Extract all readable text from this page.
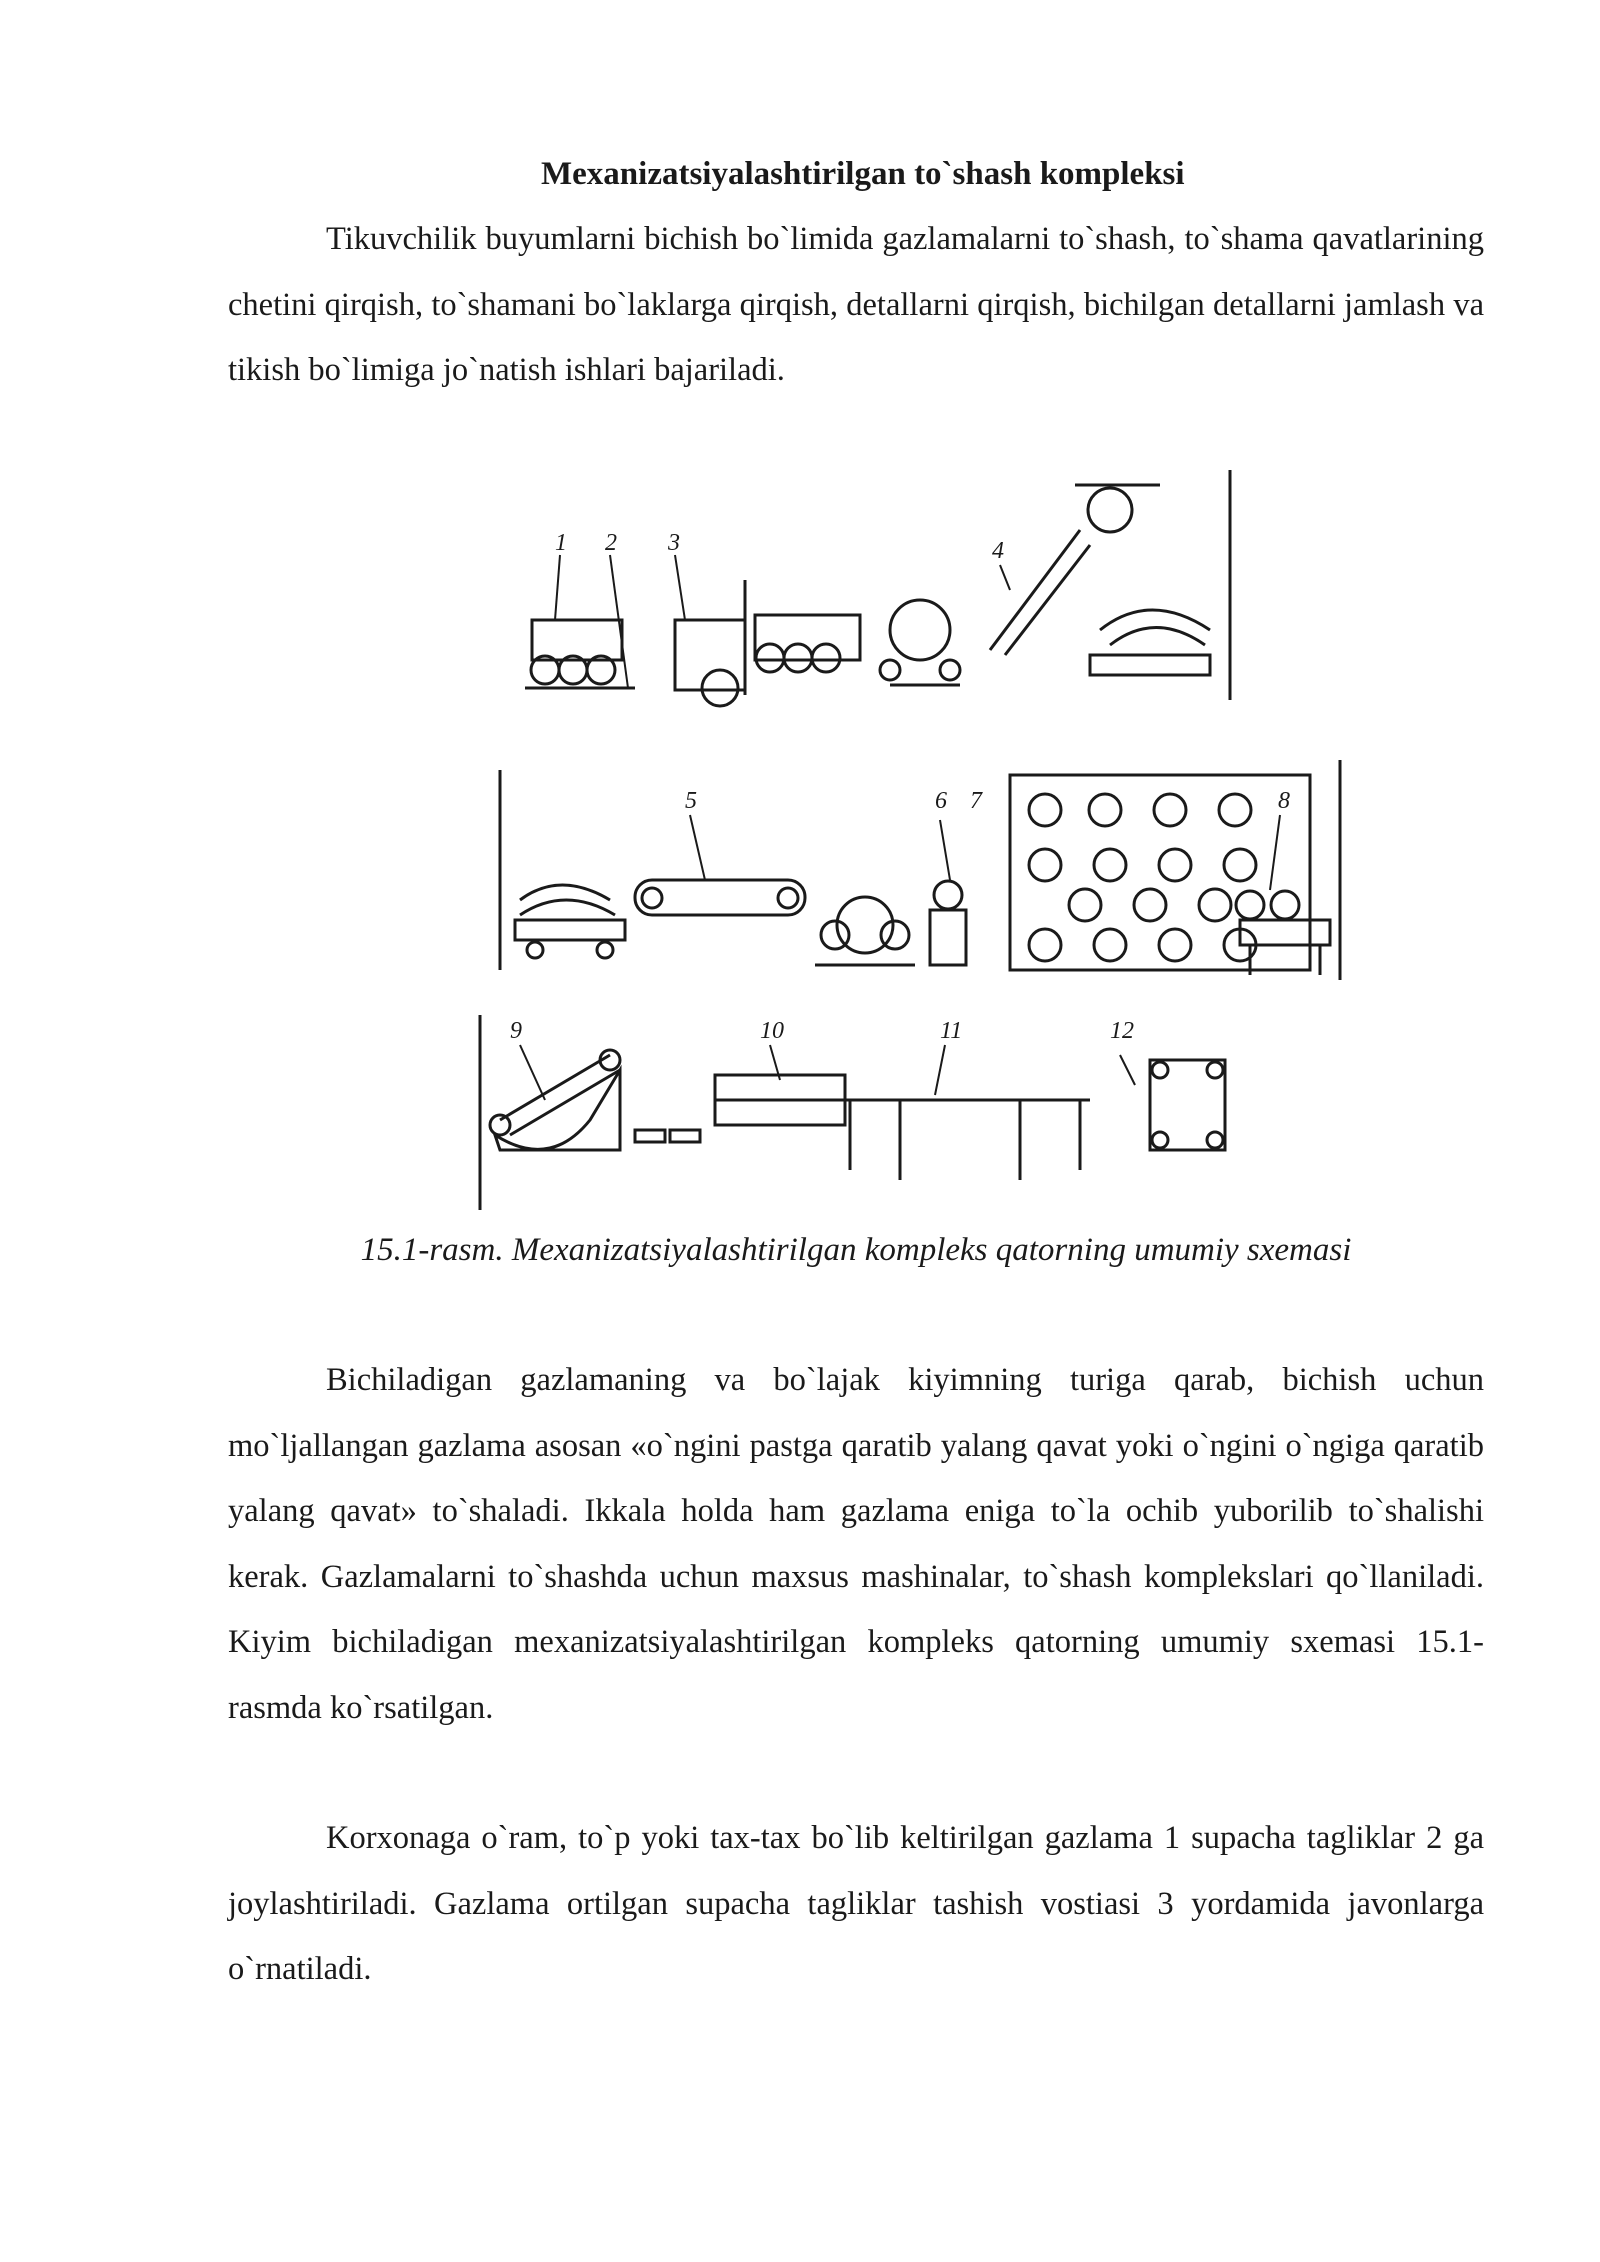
Mexanizatsiyalashtirilgan to`shash kompleksi

Tikuvchilik buyumlarni bichish bo`limida gazlamalarni to`shash, to`shama qavatlarining chetini qirqish, to`shamani bo`laklarga qirqish, detallarni qirqish, bichilgan detallarni jamlash va tikish bo`limiga jo`natish ishlari bajariladi.

1 2 3	4
5	6 7	8
9	10	11	12
15.1-rasm. Mexanizatsiyalashtirilgan kompleks qatorning umumiy sxemasi

Bichiladigan gazlamaning va bo`lajak kiyimning turiga qarab, bichish uchun mo`ljallangan gazlama asosan «o`ngini pastga qaratib yalang qavat yoki o`ngini o`ngiga qaratib yalang qavat» to`shaladi. Ikkala holda ham gazlama eniga to`la ochib yuborilib to`shalishi kerak. Gazlamalarni to`shashda uchun maxsus mashinalar, to`shash komplekslari qo`llaniladi. Kiyim bichiladigan mexanizatsiyalashtirilgan kompleks qatorning umumiy sxemasi 15.1-rasmda ko`rsatilgan.

Korxonaga o`ram, to`p yoki tax-tax bo`lib keltirilgan gazlama 1 supacha tagliklar 2 ga joylashtiriladi. Gazlama ortilgan supacha tagliklar tashish vostiasi 3 yordamida javonlarga o`rnatiladi.
